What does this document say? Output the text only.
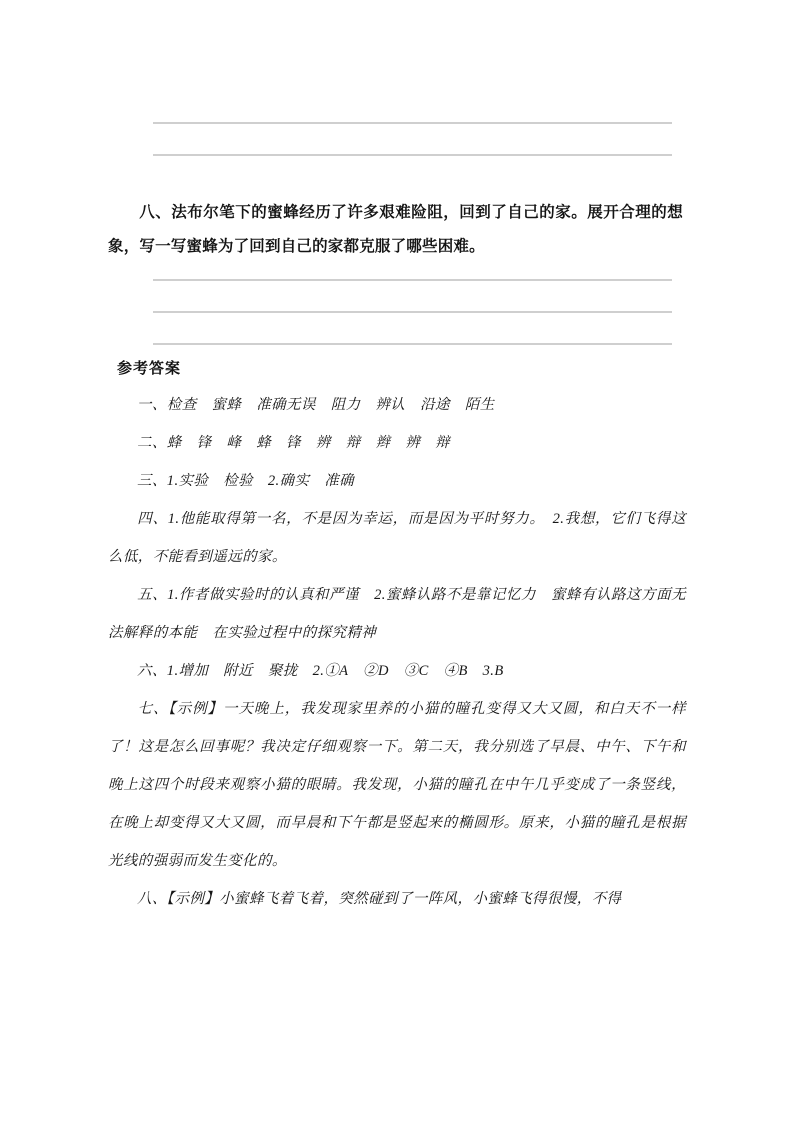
八、法布尔笔下的蜜蜂经历了许多艰难险阻，回到了自己的家。展开合理的想象，写一写蜜蜂为了回到自己的家都克服了哪些困难。
参考答案

一、检查　蜜蜂　准确无误　阻力　辨认　沿途　陌生

二、蜂　锋　峰　蜂　锋　辨　辩　辫　辨　辩

三、1.实验　检验　2.确实　准确

四、1.他能取得第一名，不是因为幸运，而是因为平时努力。　2.我想，它们飞得这么低，不能看到遥远的家。

五、1.作者做实验时的认真和严谨　2.蜜蜂认路不是靠记忆力　蜜蜂有认路这方面无法解释的本能　在实验过程中的探究精神

六、1.增加　附近　聚拢　2.①A　②D　③C　④B　3.B

七、【示例】一天晚上，我发现家里养的小猫的瞳孔变得又大又圆，和白天不一样了！这是怎么回事呢？我决定仔细观察一下。第二天，我分别选了早晨、中午、下午和晚上这四个时段来观察小猫的眼睛。我发现，小猫的瞳孔在中午几乎变成了一条竖线，在晚上却变得又大又圆，而早晨和下午都是竖起来的椭圆形。原来，小猫的瞳孔是根据光线的强弱而发生变化的。

八、【示例】小蜜蜂飞着飞着，突然碰到了一阵风，小蜜蜂飞得很慢，不得
